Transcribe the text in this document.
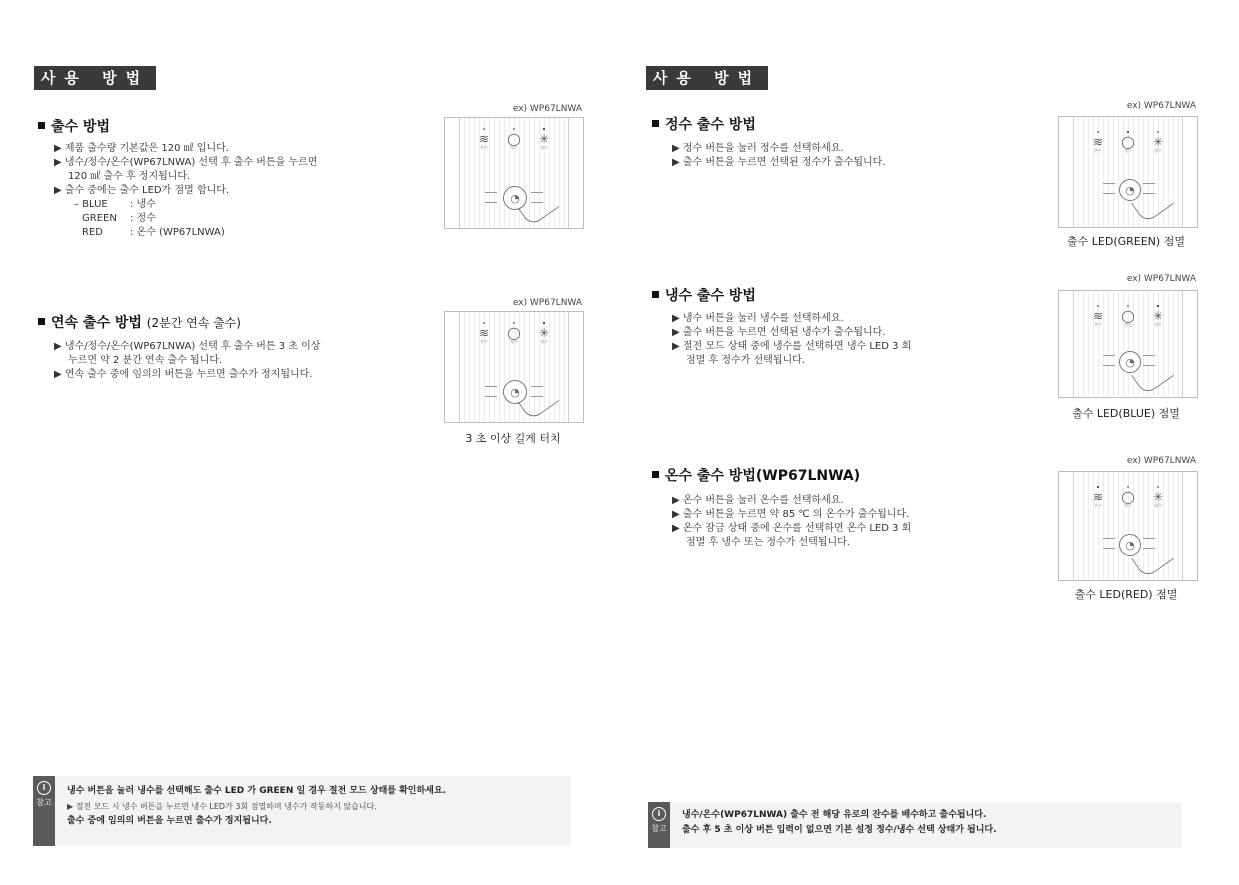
사용 방법
출수 방법
▶ 제품 출수량 기본값은 120 ㎖ 입니다.
▶ 냉수/정수/온수(WP67LNWA) 선택 후 출수 버튼을 누르면
120 ㎖ 출수 후 정지됩니다.
▶ 출수 중에는 출수 LED가 점멸 합니다.
– BLUE : 냉수
GREEN : 정수
RED	: 온수 (WP67LNWA)
ex) WP67LNWA
≋
온수
◯
정수
✳
냉수
◔
연속 출수 방법 (2분간 연속 출수)
▶ 냉수/정수/온수(WP67LNWA) 선택 후 출수 버튼 3 초 이상
누르면 약 2 분간 연속 출수 됩니다.
▶ 연속 출수 중에 임의의 버튼을 누르면 출수가 정지됩니다.
ex) WP67LNWA
≋
온수
◯
정수
✳
냉수
◔
3 초 이상 길게 터치
i
참고
냉수 버튼을 눌러 냉수를 선택해도 출수 LED 가 GREEN 일 경우 절전 모드 상태를 확인하세요.
▶ 절전 모드 시 냉수 버튼을 누르면 냉수 LED가 3회 점멸하며 냉수가 작동하지 않습니다.
출수 중에 임의의 버튼을 누르면 출수가 정지됩니다.
사용 방법
정수 출수 방법
▶ 정수 버튼을 눌러 정수를 선택하세요.
▶ 출수 버튼을 누르면 선택된 정수가 출수됩니다.
ex) WP67LNWA
≋
온수
◯
정수
✳
냉수
◔
출수 LED(GREEN) 점멸
냉수 출수 방법
▶ 냉수 버튼을 눌러 냉수를 선택하세요.
▶ 출수 버튼을 누르면 선택된 냉수가 출수됩니다.
▶ 절전 모드 상태 중에 냉수를 선택하면 냉수 LED 3 회
점멸 후 정수가 선택됩니다.
ex) WP67LNWA
≋
온수
◯
정수
✳
냉수
◔
출수 LED(BLUE) 점멸
온수 출수 방법(WP67LNWA)
▶ 온수 버튼을 눌러 온수를 선택하세요.
▶ 출수 버튼을 누르면 약 85 ℃ 의 온수가 출수됩니다.
▶ 온수 잠금 상태 중에 온수를 선택하면 온수 LED 3 회
점멸 후 냉수 또는 정수가 선택됩니다.
ex) WP67LNWA
≋
온수
◯
정수
✳
냉수
◔
출수 LED(RED) 점멸
i
참고
냉수/온수(WP67LNWA) 출수 전 해당 유로의 잔수를 배수하고 출수됩니다.
출수 후 5 초 이상 버튼 입력이 없으면 기본 설정 정수/냉수 선택 상태가 됩니다.
